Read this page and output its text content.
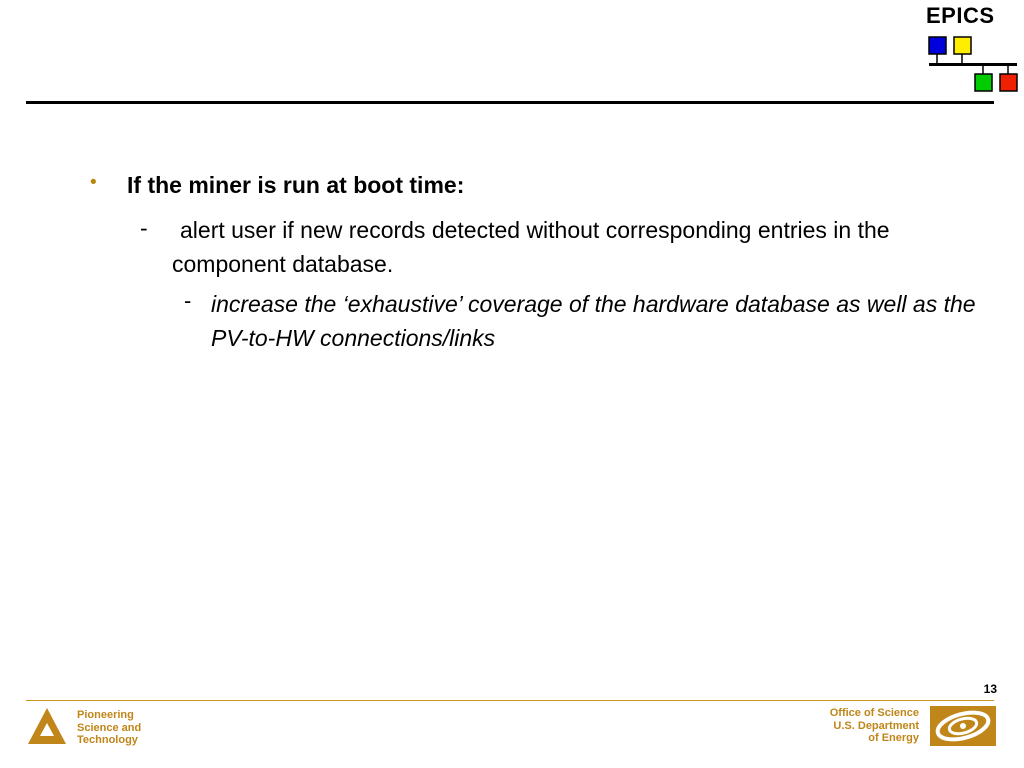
EPICS
• If the miner is run at boot time:
-	alert user if new records detected without corresponding entries in the component database.
- increase the ‘exhaustive’ coverage of the hardware database as well as the PV-to-HW connections/links
13
Pioneering
Science and
Technology
Office of Science
U.S. Department
of Energy
